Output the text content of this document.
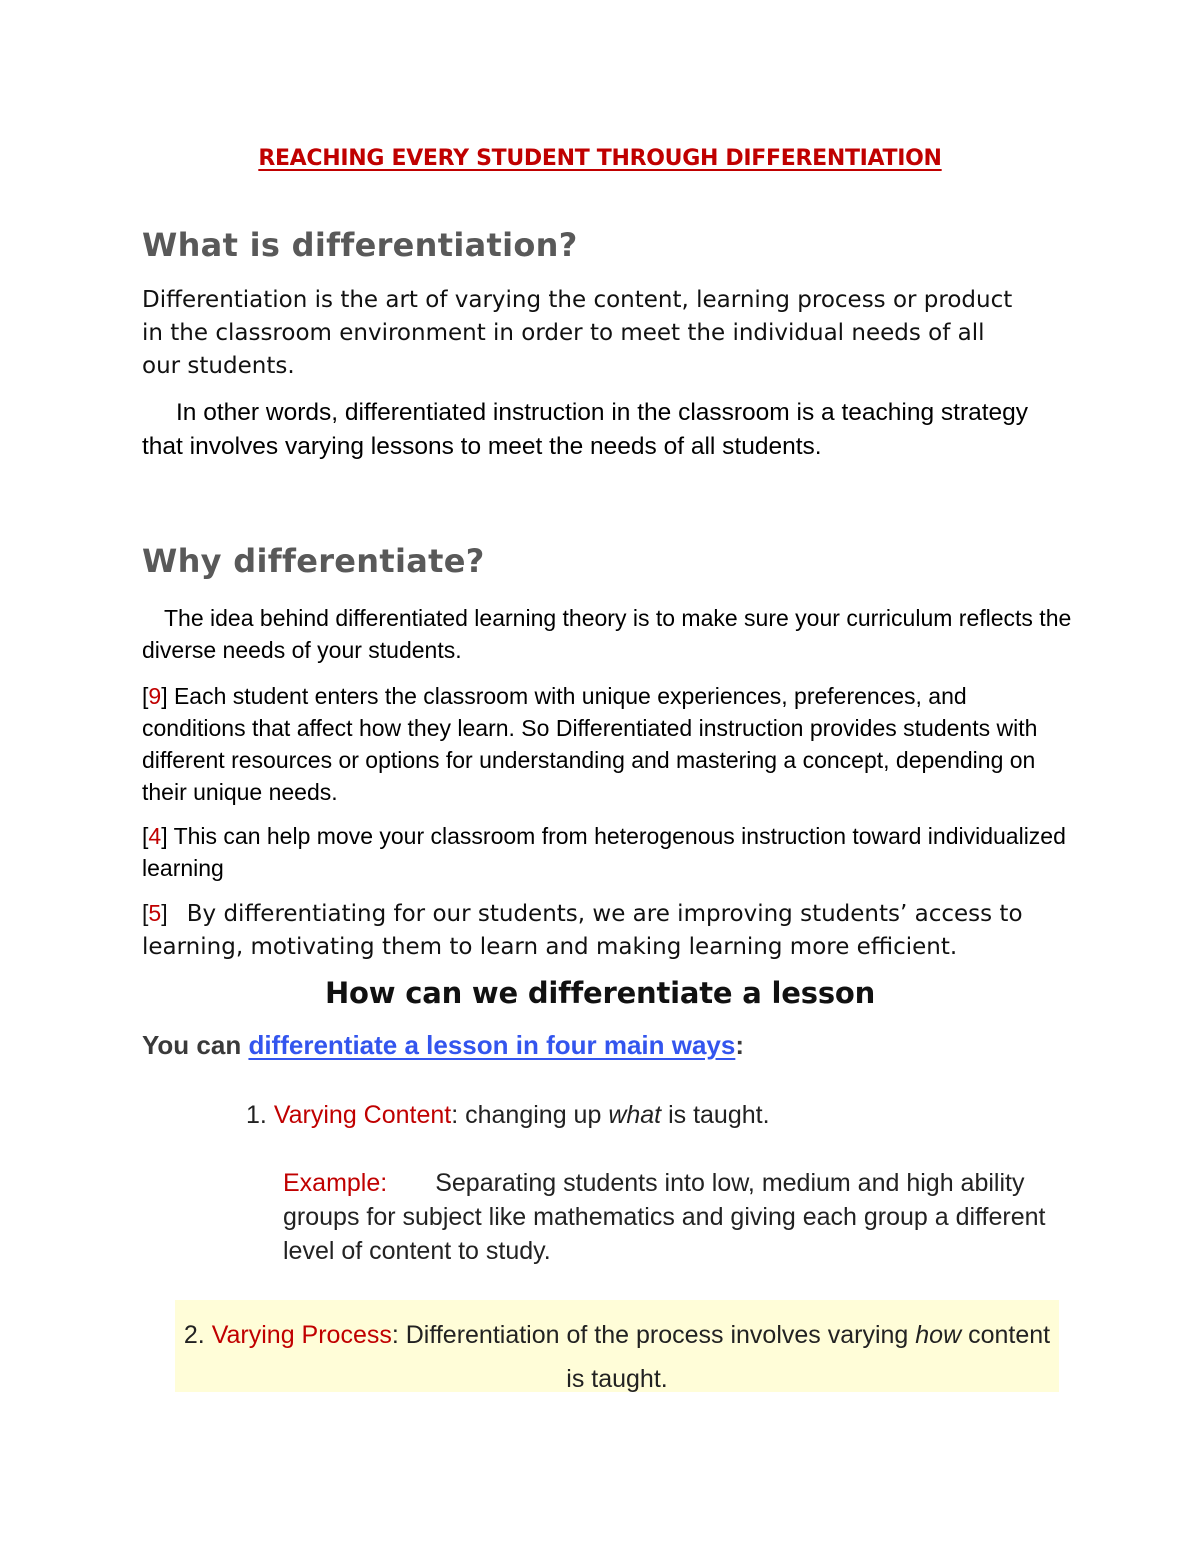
REACHING EVERY STUDENT THROUGH DIFFERENTIATION
What is differentiation?

Differentiation is the art of varying the content, learning process or product in the classroom environment in order to meet the individual needs of all our students.

In other words, differentiated instruction in the classroom is a teaching strategy that involves varying lessons to meet the needs of all students.

Why differentiate?

The idea behind differentiated learning theory is to make sure your curriculum reflects the diverse needs of your students.

[9] Each student enters the classroom with unique experiences, preferences, and conditions that affect how they learn. So Differentiated instruction provides students with different resources or options for understanding and mastering a concept, depending on their unique needs.

[4] This can help move your classroom from heterogenous instruction toward individualized learning

[5]   By differentiating for our students, we are improving students’ access to learning, motivating them to learn and making learning more efficient.

How can we differentiate a lesson
You can differentiate a lesson in four main ways:
1. Varying Content: changing up what is taught.
Example: Separating students into low, medium and high ability groups for subject like mathematics and giving each group a different level of content to study.
2. Varying Process: Differentiation of the process involves varying how content is taught.
